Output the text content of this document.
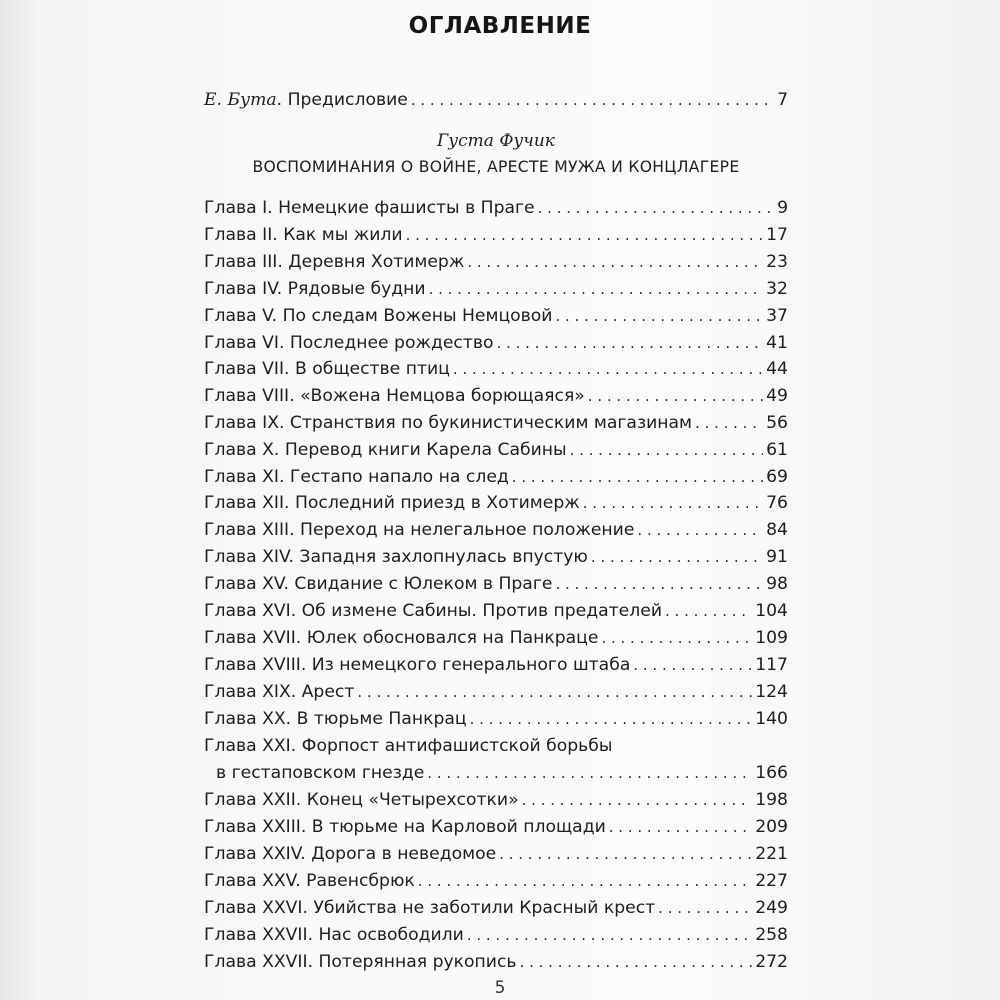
ОГЛАВЛЕНИЕ
Е. Бута. Предисловие . . .	7
Густа Фучик
ВОСПОМИНАНИЯ О ВОЙНЕ, АРЕСТЕ МУЖА И КОНЦЛАГЕРЕ
Глава I. Немецкие фашисты в Праге . . .	9
Глава II. Как мы жили . . .	17
Глава III. Деревня Хотимерж . . .	23
Глава IV. Рядовые будни . . .	32
Глава V. По следам Вожены Немцовой . . .	37
Глава VI. Последнее рождество . . .	41
Глава VII. В обществе птиц . . .	44
Глава VIII. «Вожена Немцова борющаяся» . . .	49
Глава IX. Странствия по букинистическим магазинам . . .	56
Глава X. Перевод книги Карела Сабины . . .	61
Глава XI. Гестапо напало на след . . .	69
Глава XII. Последний приезд в Хотимерж . . .	76
Глава XIII. Переход на нелегальное положение . . .	84
Глава XIV. Западня захлопнулась впустую . . .	91
Глава XV. Свидание с Юлеком в Праге . . .	98
Глава XVI. Об измене Сабины. Против предателей . . .	104
Глава XVII. Юлек обосновался на Панкраце . . .	109
Глава XVIII. Из немецкого генерального штаба . . .	117
Глава XIX. Арест . . .	124
Глава XX. В тюрьме Панкрац . . .	140
Глава XXI. Форпост антифашистской борьбы
в гестаповском гнезде . . .	166
Глава XXII. Конец «Четырехсотки» . . .	198
Глава XXIII. В тюрьме на Карловой площади . . .	209
Глава XXIV. Дорога в неведомое . . .	221
Глава XXV. Равенсбрюк . . .	227
Глава XXVI. Убийства не заботили Красный крест . . .	249
Глава XXVII. Нас освободили . . .	258
Глава XXVII. Потерянная рукопись . . .	272
5
